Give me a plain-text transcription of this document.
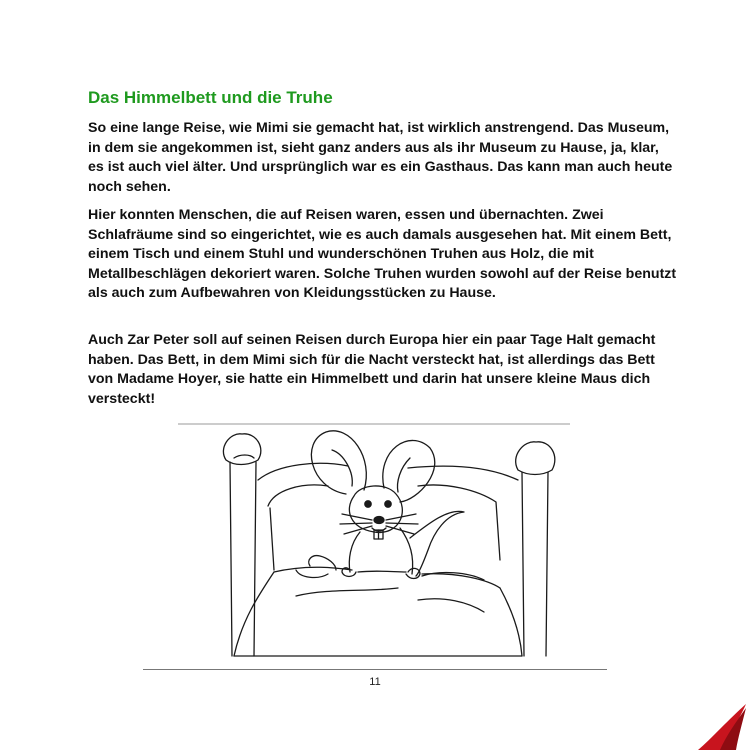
Das Himmelbett und die Truhe

So eine lange Reise, wie Mimi sie gemacht hat, ist wirklich anstrengend. Das Museum, in dem sie angekommen ist, sieht ganz anders aus als ihr Museum zu Hause, ja, klar, es ist auch viel älter. Und ursprünglich war es ein Gasthaus. Das kann man auch heute noch sehen.

Hier konnten Menschen, die auf Reisen waren, essen und übernachten. Zwei Schlafräume sind so eingerichtet, wie es auch damals ausgesehen hat. Mit einem Bett, einem Tisch und einem Stuhl und wunderschönen Truhen aus Holz, die mit Metallbeschlägen dekoriert waren. Solche Truhen wurden sowohl auf der Reise benutzt als auch zum Aufbewahren von Kleidungsstücken zu Hause.

Auch Zar Peter soll auf seinen Reisen durch Europa hier ein paar Tage Halt gemacht haben. Das Bett, in dem Mimi sich für die Nacht versteckt hat, ist allerdings das Bett von Madame Hoyer, sie hatte ein Himmelbett und darin hat unsere kleine Maus dich versteckt!

11
